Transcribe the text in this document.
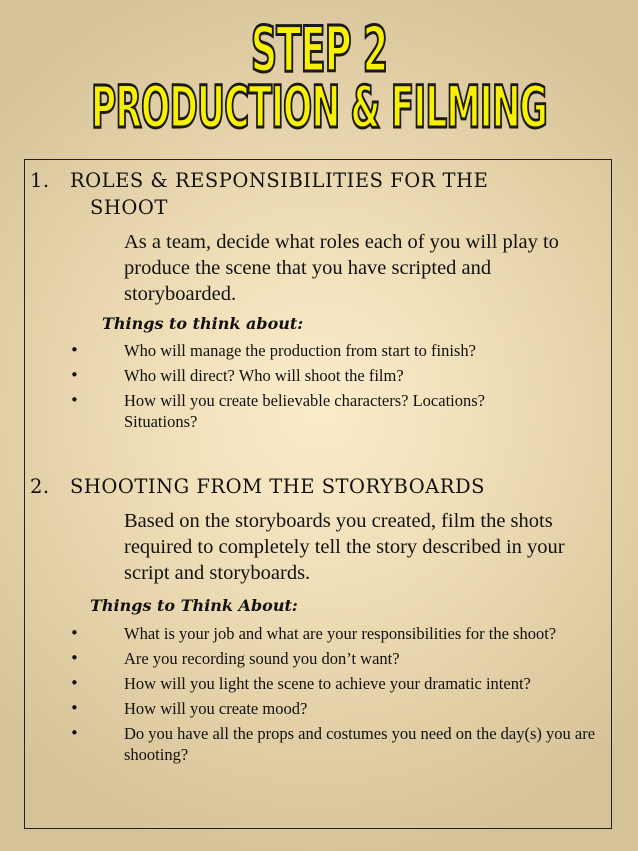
STEP 2
PRODUCTION & FILMING
1. ROLES & RESPONSIBILITIES FOR THE
SHOOT

As a team, decide what roles each of you will play to produce the scene that you have scripted and storyboarded.

Things to think about:

•	Who will manage the production from start to finish?
•	Who will direct? Who will shoot the film?
•	How will you create believable characters? Locations? Situations?
2. SHOOTING FROM THE STORYBOARDS

Based on the storyboards you created, film the shots required to completely tell the story described in your script and storyboards.

Things to Think About:

•	What is your job and what are your responsibilities for the shoot?
•	Are you recording sound you don’t want?
•	How will you light the scene to achieve your dramatic intent?
•	How will you create mood?
•	Do you have all the props and costumes you need on the day(s) you are shooting?
